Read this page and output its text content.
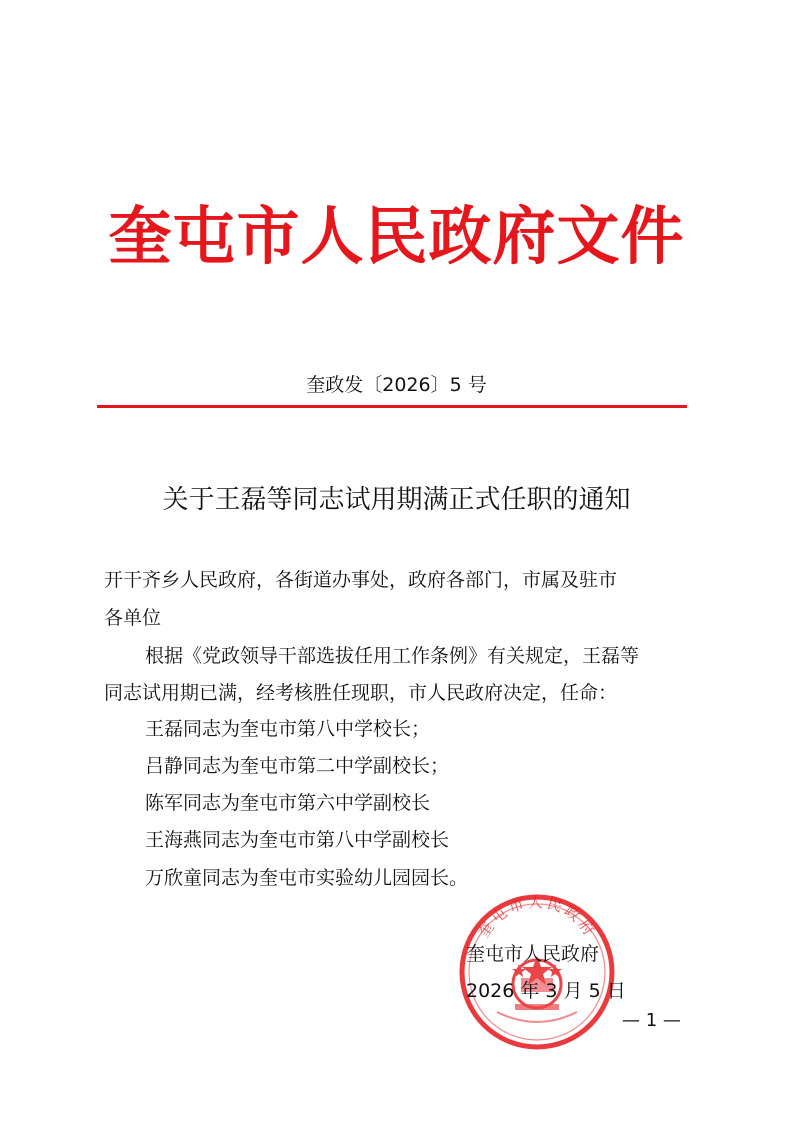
奎屯市人民政府文件
奎政发〔2026〕5 号
关于王磊等同志试用期满正式任职的通知
开干齐乡人民政府，各街道办事处，政府各部门，市属及驻市
各单位
根据《党政领导干部选拔任用工作条例》有关规定，王磊等
同志试用期已满，经考核胜任现职，市人民政府决定，任命：
王磊同志为奎屯市第八中学校长；
吕静同志为奎屯市第二中学副校长；
陈军同志为奎屯市第六中学副校长
王海燕同志为奎屯市第八中学副校长
万欣童同志为奎屯市实验幼儿园园长。
奎屯市人民政府
奎屯市人民政府
2026 年 3 月 5 日
— 1 —
